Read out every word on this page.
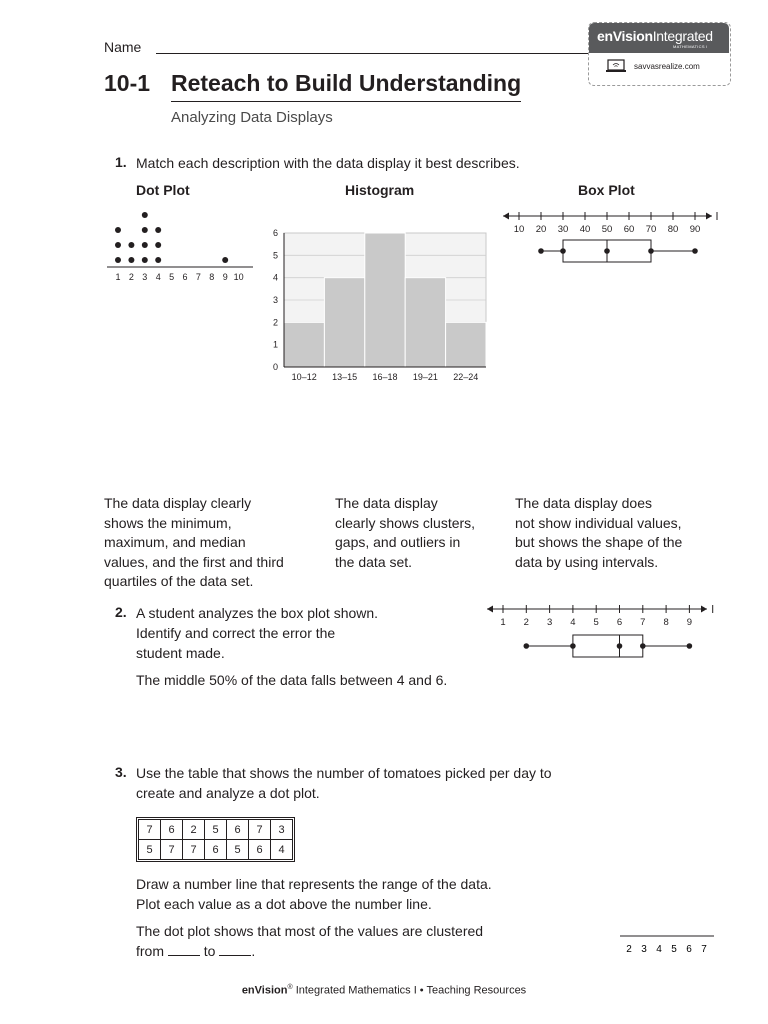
Name
enVisionIntegrated
MATHEMATICS I
savvasrealize.com
10-1 Reteach to Build Understanding
Analyzing Data Displays
1. Match each description with the data display it best describes.
Dot Plot	Histogram	Box Plot
1 2 3 4 5 6 7 8 9 10
0
1
2
3
4
5
6
10–12 13–15 16–18 19–21 22–24
10 20 30 40 50 60 70 80 90
The data display clearly
shows the minimum,
maximum, and median
values, and the first and third
quartiles of the data set.
The data display
clearly shows clusters,
gaps, and outliers in
the data set.
The data display does
not show individual values,
but shows the shape of the
data by using intervals.
2. A student analyzes the box plot shown.
Identify and correct the error the
student made.
The middle 50% of the data falls between 4 and 6.
1 2 3 4 5 6 7 8 9
3. Use the table that shows the number of tomatoes picked per day to
create and analyze a dot plot.
7	6	2	5	6	7	3
5	7	7	6	5	6	4
Draw a number line that represents the range of the data.
Plot each value as a dot above the number line.
The dot plot shows that most of the values are clustered
from	to	.	2 3 4 5 6 7
enVision® Integrated Mathematics I • Teaching Resources
